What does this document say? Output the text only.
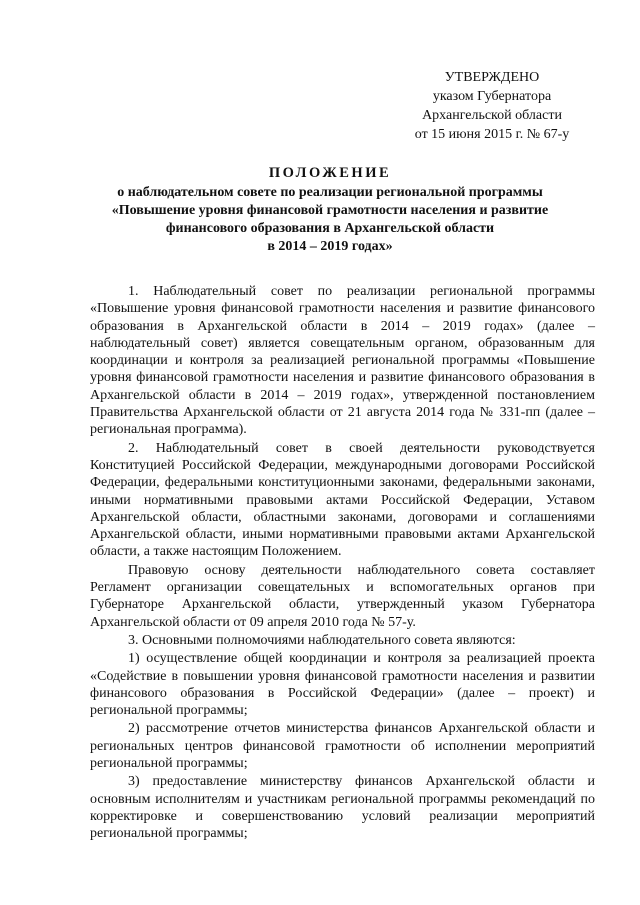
УТВЕРЖДЕНО
указом Губернатора
Архангельской области
от 15 июня 2015 г. № 67-у
ПОЛОЖЕНИЕ
о наблюдательном совете по реализации региональной программы
«Повышение уровня финансовой грамотности населения и развитие
финансового образования в Архангельской области
в 2014 – 2019 годах»

1. Наблюдательный совет по реализации региональной программы «Повышение уровня финансовой грамотности населения и развитие финансового образования в Архангельской области в 2014 – 2019 годах» (далее – наблюдательный совет) является совещательным органом, образованным для координации и контроля за реализацией региональной программы «Повышение уровня финансовой грамотности населения и развитие финансового образования в Архангельской области в 2014 – 2019 годах», утвержденной постановлением Правительства Архангельской области от 21 августа 2014 года № 331-пп (далее – региональная программа).

2. Наблюдательный совет в своей деятельности руководствуется Конституцией Российской Федерации, международными договорами Российской Федерации, федеральными конституционными законами, федеральными законами, иными нормативными правовыми актами Российской Федерации, Уставом Архангельской области, областными законами, договорами и соглашениями Архангельской области, иными нормативными правовыми актами Архангельской области, а также настоящим Положением.

Правовую основу деятельности наблюдательного совета составляет Регламент организации совещательных и вспомогательных органов при Губернаторе Архангельской области, утвержденный указом Губернатора Архангельской области от 09 апреля 2010 года № 57-у.

3. Основными полномочиями наблюдательного совета являются:

1) осуществление общей координации и контроля за реализацией проекта «Содействие в повышении уровня финансовой грамотности населения и развитии финансового образования в Российской Федерации» (далее – проект) и региональной программы;

2) рассмотрение отчетов министерства финансов Архангельской области и региональных центров финансовой грамотности об исполнении мероприятий региональной программы;

3) предоставление министерству финансов Архангельской области и основным исполнителям и участникам региональной программы рекомендаций по корректировке и совершенствованию условий реализации мероприятий региональной программы;
